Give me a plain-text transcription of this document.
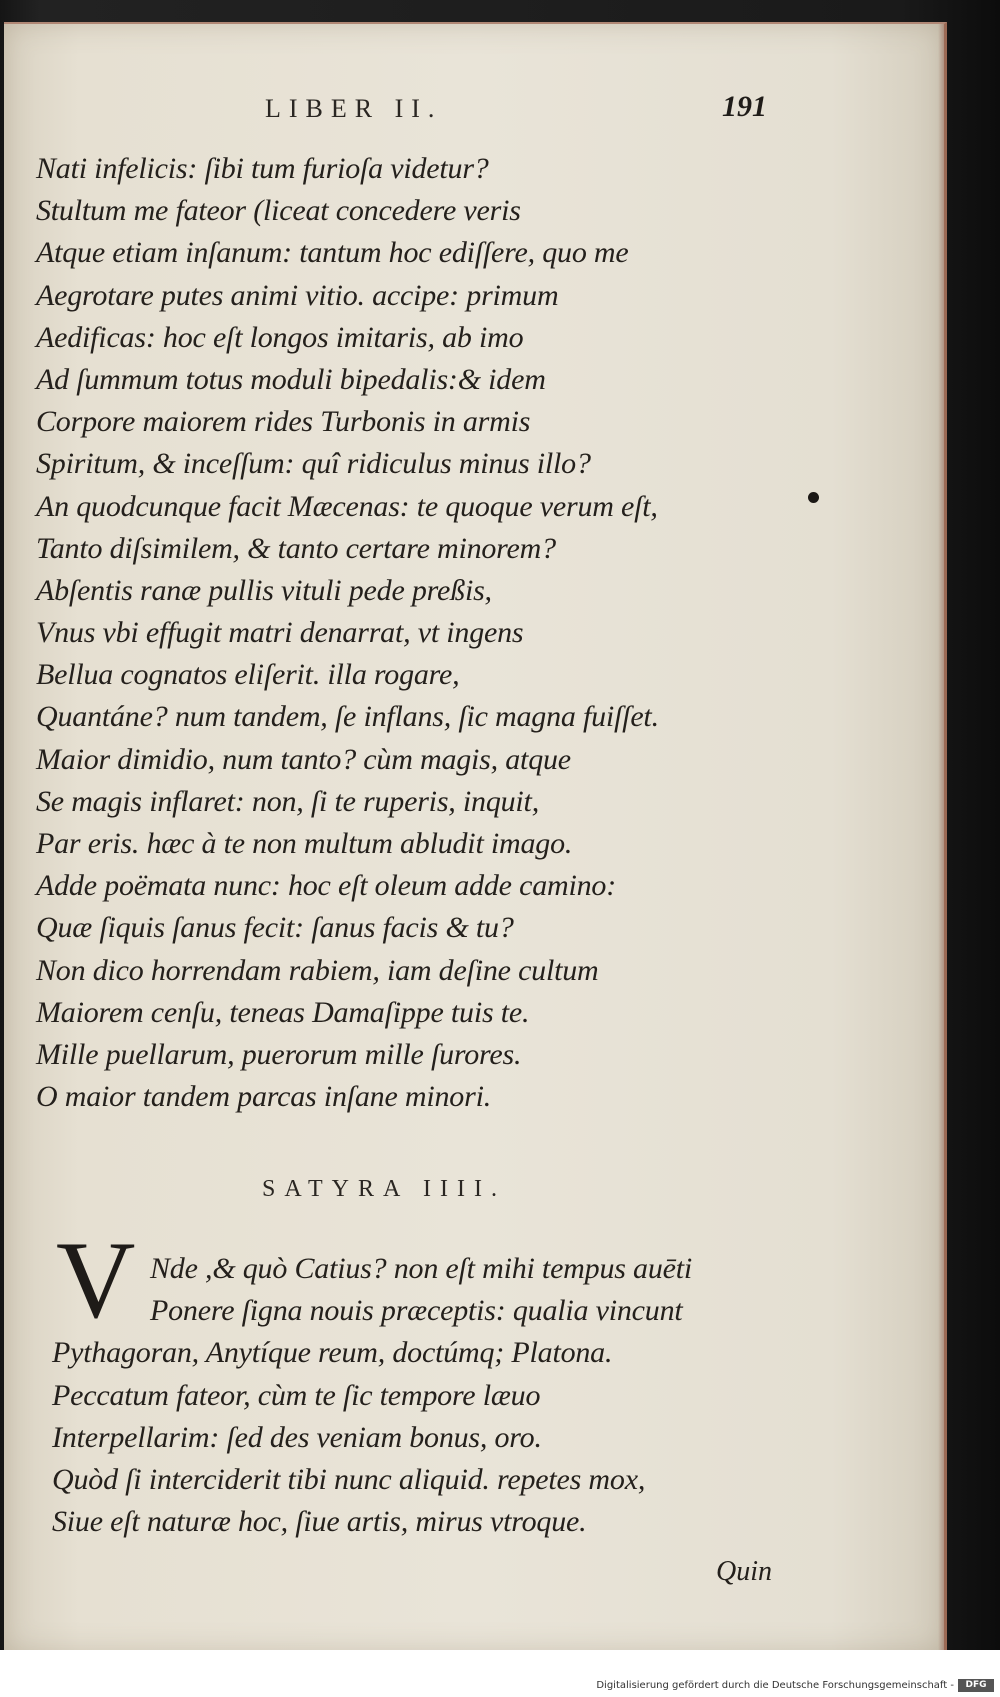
LIBER II.	191
Nati infelicis: ſibi tum furioſa videtur?
Stultum me fateor (liceat concedere veris
Atque etiam inſanum: tantum hoc ediſſere, quo me
Aegrotare putes animi vitio. accipe: primum
Aedificas: hoc eſt longos imitaris, ab imo
Ad ſummum totus moduli bipedalis:& idem
Corpore maiorem rides Turbonis in armis
Spiritum, & inceſſum: quî ridiculus minus illo?
An quodcunque facit Mæcenas: te quoque verum eſt,
Tanto diſsimilem, & tanto certare minorem?
Abſentis ranæ pullis vituli pede preßis,
Vnus vbi effugit matri denarrat, vt ingens
Bellua cognatos eliſerit. illa rogare,
Quantáne? num tandem, ſe inflans, ſic magna fuiſſet.
Maior dimidio, num tanto? cùm magis, atque
Se magis inflaret: non, ſi te ruperis, inquit,
Par eris. hæc à te non multum abludit imago.
Adde poëmata nunc: hoc eſt oleum adde camino:
Quæ ſiquis ſanus fecit: ſanus facis & tu?
Non dico horrendam rabiem, iam deſine cultum
Maiorem cenſu, teneas Damaſippe tuis te.
Mille puellarum, puerorum mille ſurores.
O maior tandem parcas inſane minori.
SATYRA IIII.
V Nde ,& quò Catius? non eſt mihi tempus auēti
Ponere ſigna nouis præceptis: qualia vincunt
Pythagoran, Anytíque reum, doctúmq; Platona.
Peccatum fateor, cùm te ſic tempore læuo
Interpellarim: ſed des veniam bonus, oro.
Quòd ſi interciderit tibi nunc aliquid. repetes mox,
Siue eſt naturæ hoc, ſiue artis, mirus vtroque.
Quin
Digitalisierung gefördert durch die Deutsche Forschungsgemeinschaft -	DFG
